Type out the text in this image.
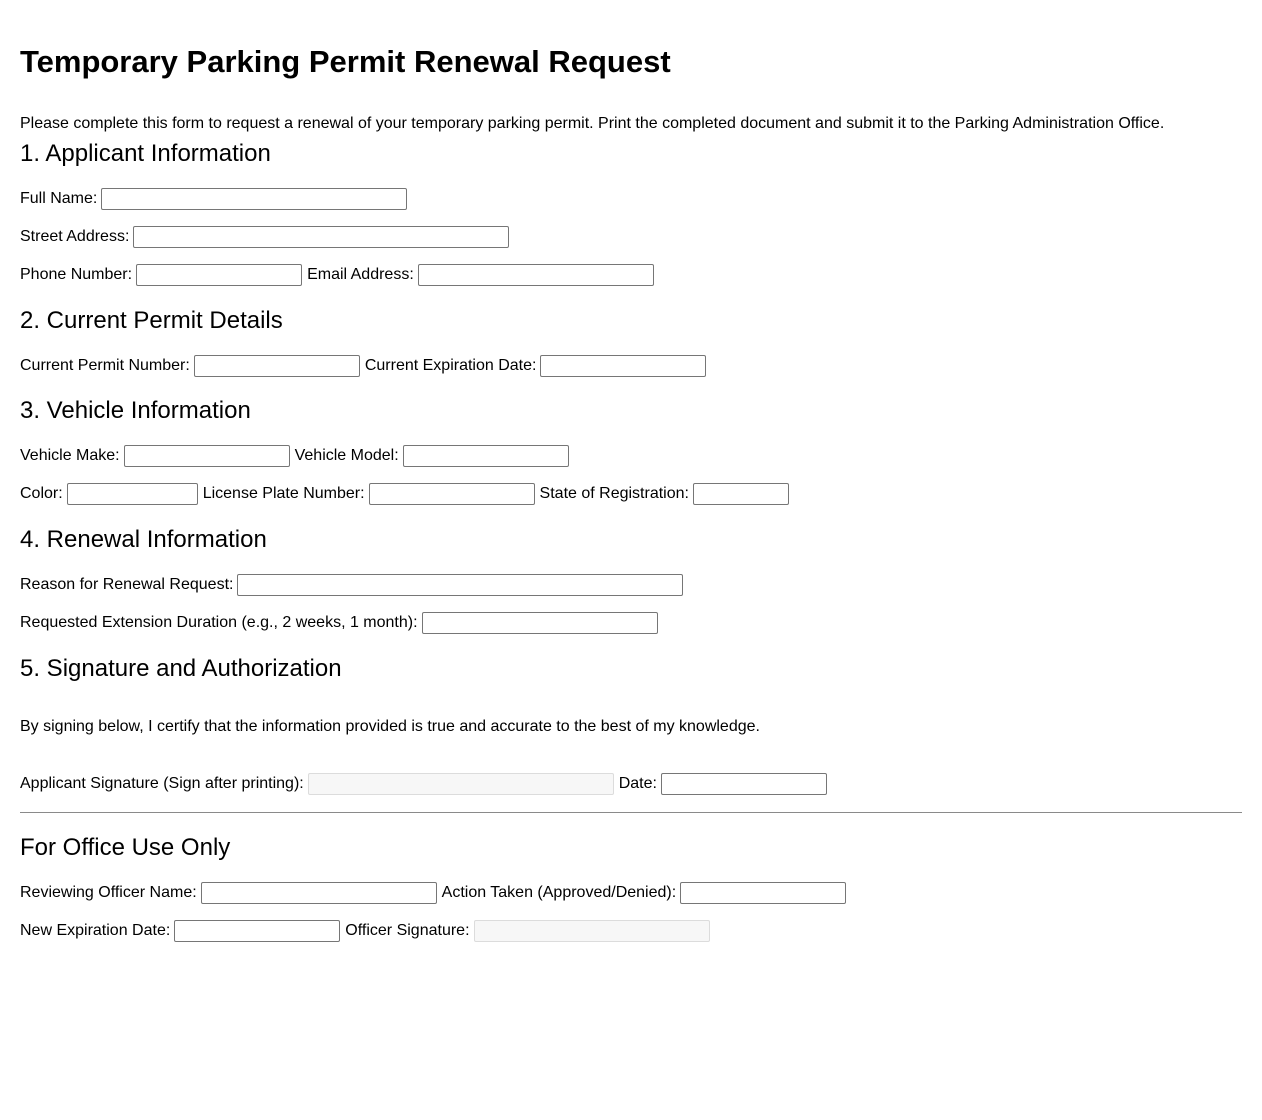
Temporary Parking Permit Renewal Request

Please complete this form to request a renewal of your temporary parking permit. Print the completed document and submit it to the Parking Administration Office.

1. Applicant Information
Full Name:
Street Address:
Phone Number:	Email Address:
2. Current Permit Details
Current Permit Number:	Current Expiration Date:
3. Vehicle Information
Vehicle Make:	Vehicle Model:
Color:	License Plate Number:	State of Registration:
4. Renewal Information
Reason for Renewal Request:
Requested Extension Duration (e.g., 2 weeks, 1 month):
5. Signature and Authorization

By signing below, I certify that the information provided is true and accurate to the best of my knowledge.

Applicant Signature (Sign after printing):	Date:
For Office Use Only
Reviewing Officer Name:	Action Taken (Approved/Denied):
New Expiration Date:	Officer Signature:
